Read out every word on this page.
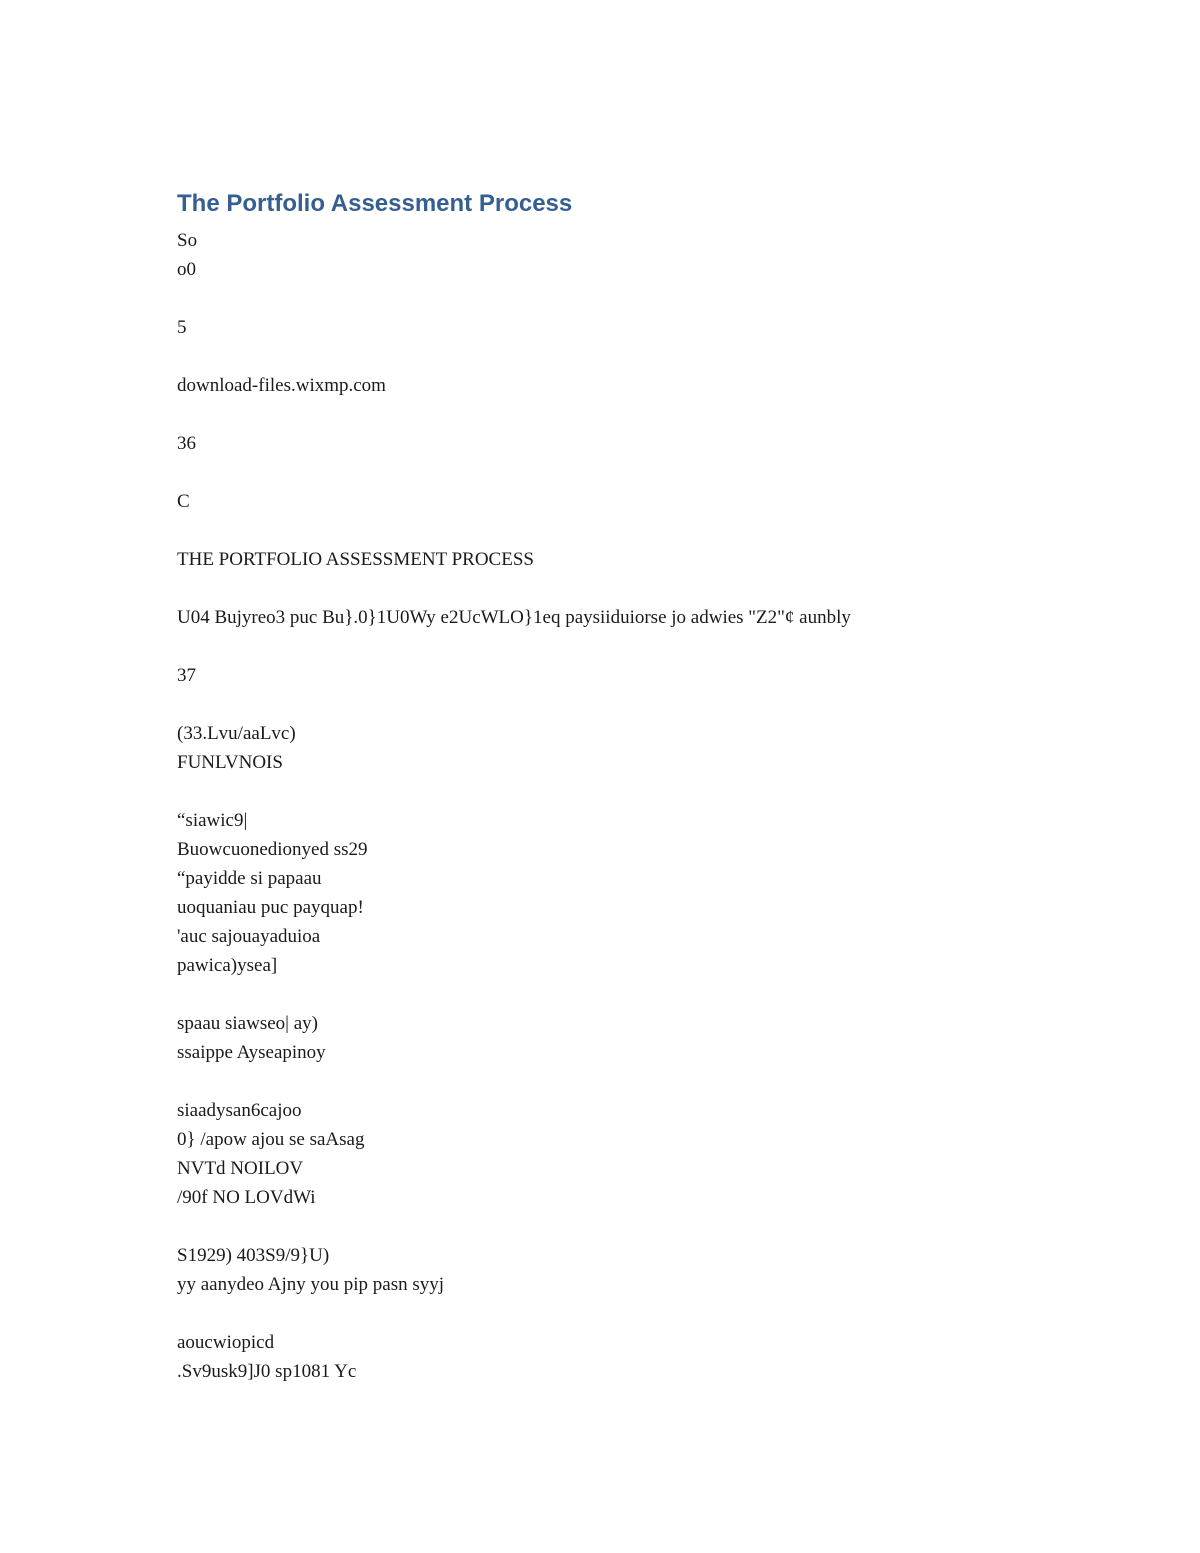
The Portfolio Assessment Process
So
o0
5
download-files.wixmp.com
36
C
THE PORTFOLIO ASSESSMENT PROCESS
U04 Bujyreo3 puc Bu}.0}1U0Wy e2UcWLO}1eq paysiiduiorse jo adwies "Z2"¢ aunbly
37
(33.Lvu/aaLvc)
FUNLVNOIS
“siawic9|
Buowcuonedionyed ss29
“payidde si papaau
uoquaniau puc payquap!
'auc sajouayaduioa
pawica)ysea]
spaau siawseo| ay)
ssaippe Ayseapinoy
siaadysan6cajoo
0} /apow ajou se saAsag
NVTd NOILOV
/90f NO LOVdWi
S1929) 403S9/9}U)
yy aanydeo Ajny you pip pasn syyj
aoucwiopicd
.Sv9usk9]J0 sp1081 Yc
